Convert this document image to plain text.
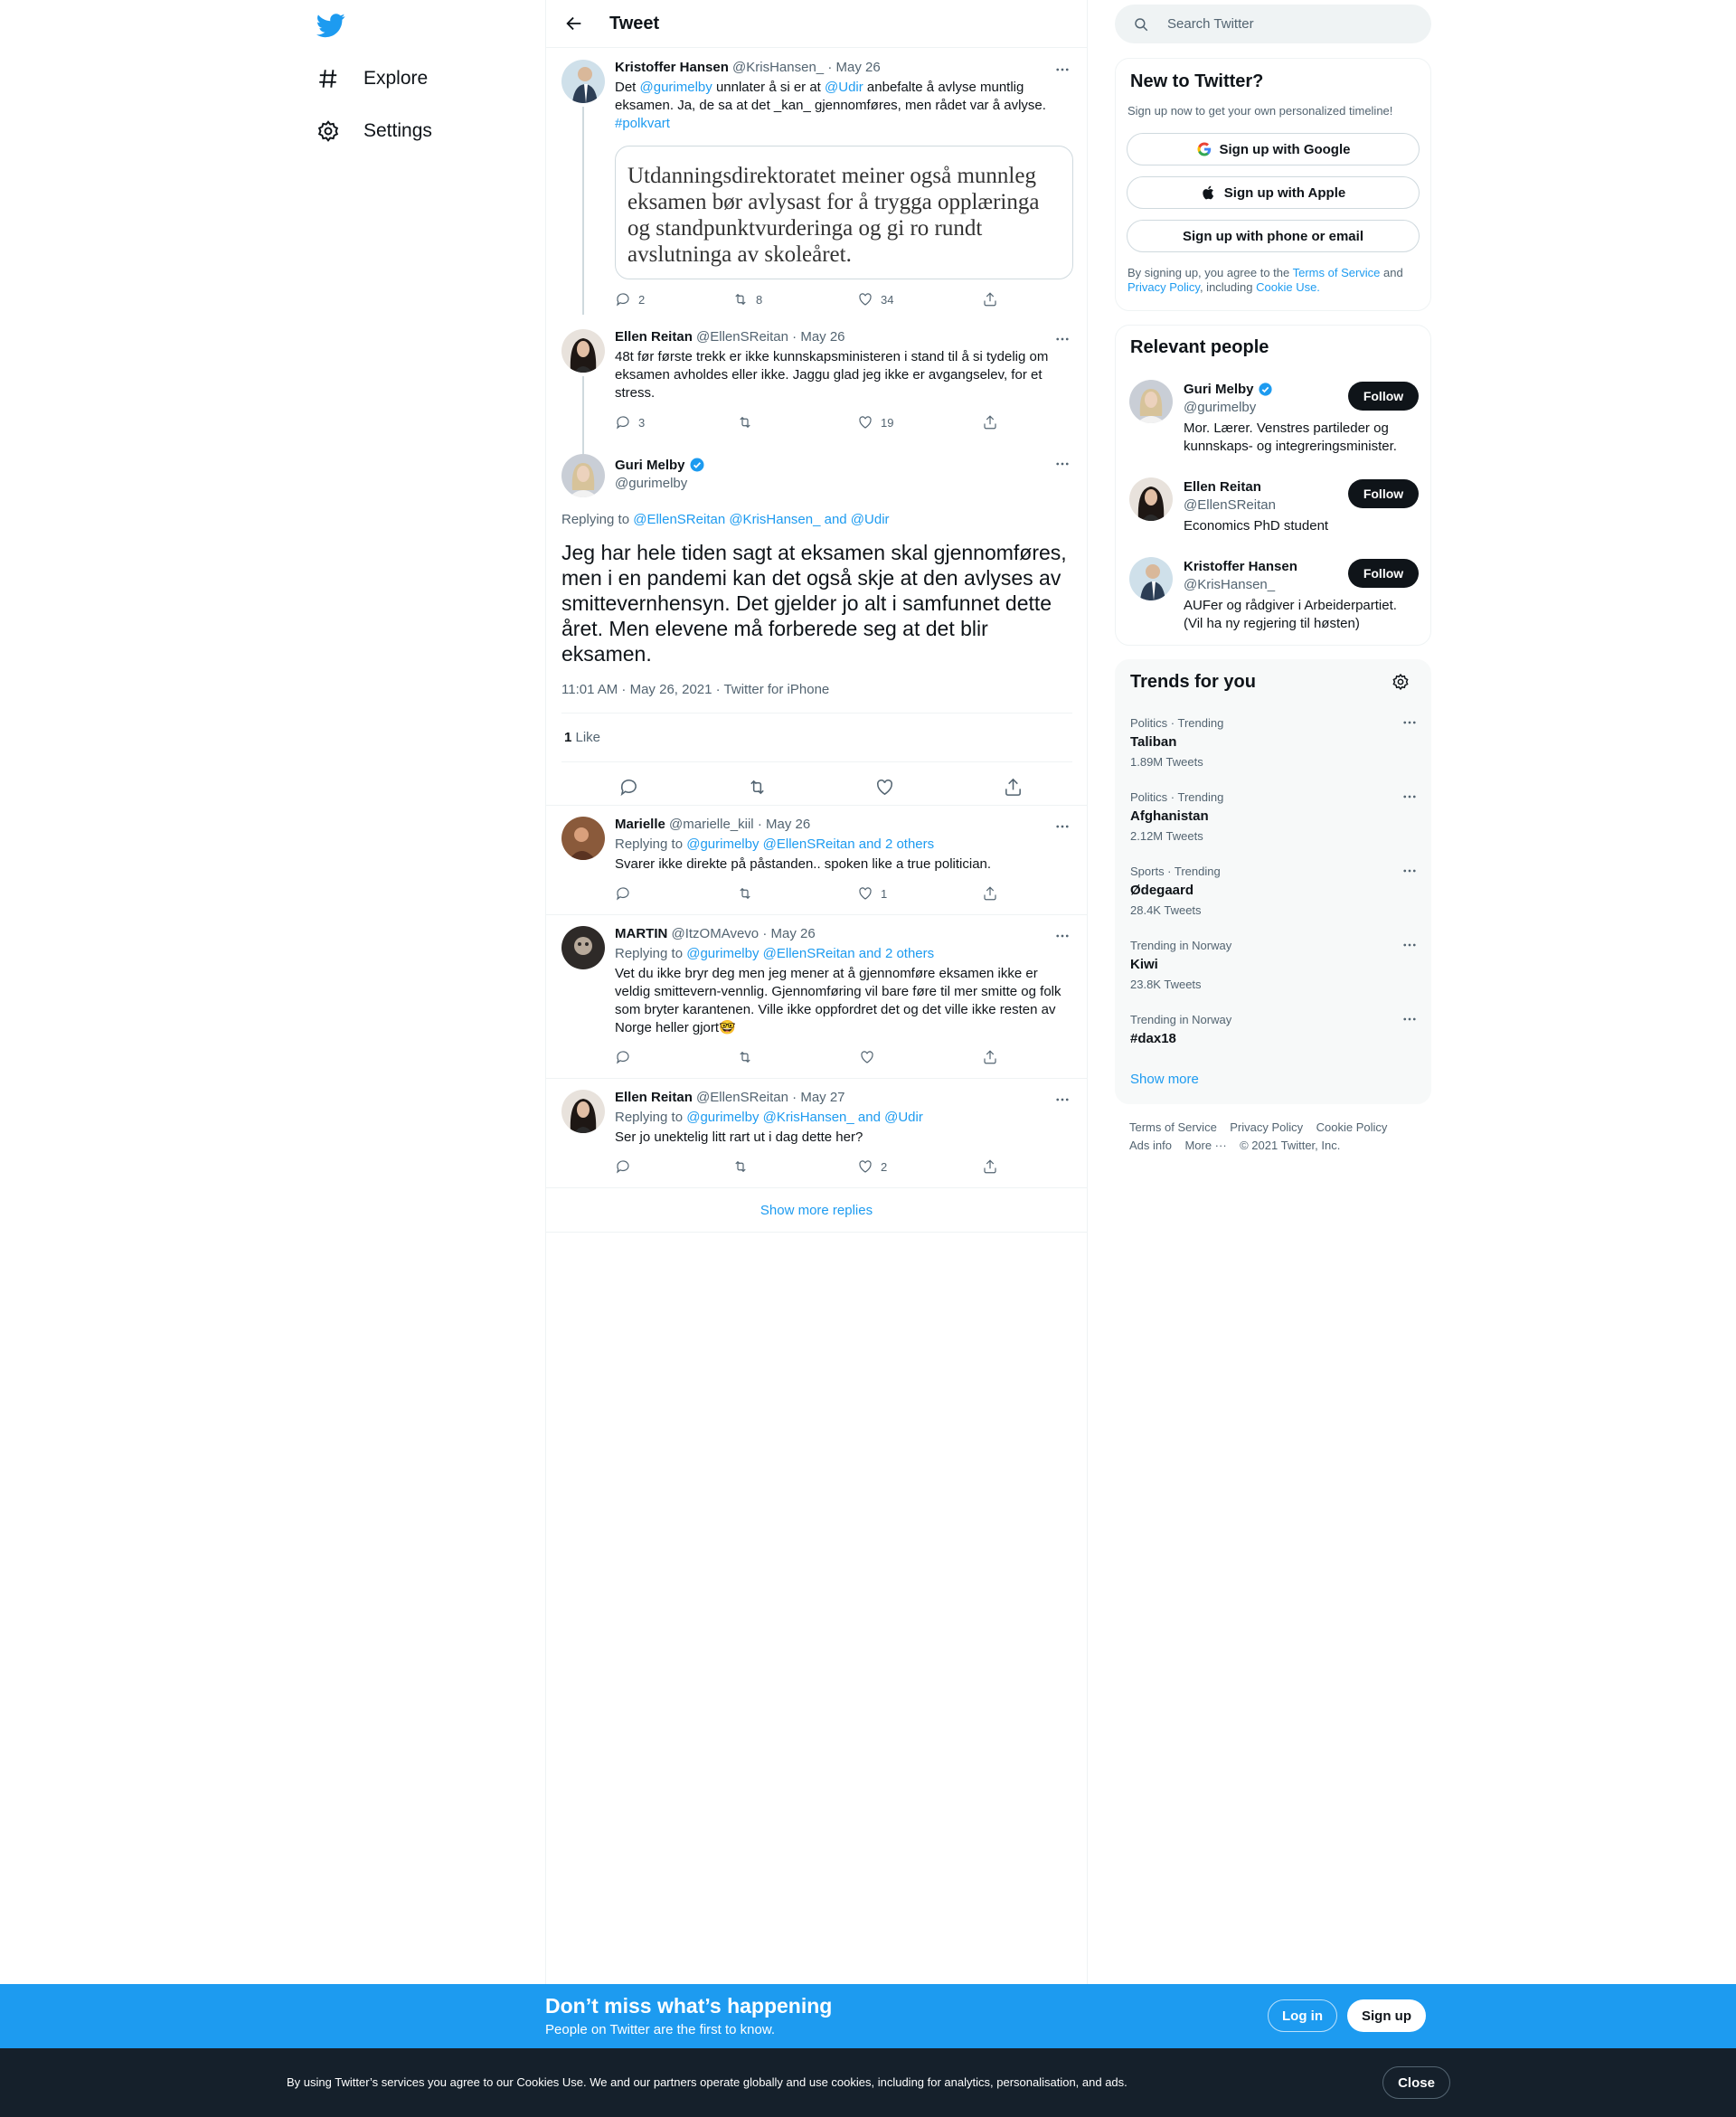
Explore
Settings
Tweet
Kristoffer Hansen @KrisHansen_ · May 26
Det @gurimelby unnlater å si er at @Udir anbefalte å avlyse muntlig eksamen. Ja, de sa at det _kan_ gjennomføres, men rådet var å avlyse. #polkvart
Utdanningsdirektoratet meiner også munnleg eksamen bør avlysast for å trygga opplæringa og standpunktvurderinga og gi ro rundt avslutninga av skoleåret.
2	8	34
Ellen Reitan @EllenSReitan · May 26
48t før første trekk er ikke kunnskapsministeren i stand til å si tydelig om eksamen avholdes eller ikke. Jaggu glad jeg ikke er avgangselev, for et stress.
3	19
Guri Melby
@gurimelby
Replying to @EllenSReitan @KrisHansen_ and @Udir
Jeg har hele tiden sagt at eksamen skal gjennomføres, men i en pandemi kan det også skje at den avlyses av smittevernhensyn. Det gjelder jo alt i samfunnet dette året. Men elevene må forberede seg at det blir eksamen.
11:01 AM · May 26, 2021 · Twitter for iPhone
1 Like
Marielle @marielle_kiil · May 26
Replying to @gurimelby @EllenSReitan and 2 others
Svarer ikke direkte på påstanden.. spoken like a true politician.
1
MARTIN @ItzOMAvevo · May 26
Replying to @gurimelby @EllenSReitan and 2 others
Vet du ikke bryr deg men jeg mener at å gjennomføre eksamen ikke er veldig smittevern-vennlig. Gjennomføring vil bare føre til mer smitte og folk som bryter karantenen. Ville ikke oppfordret det og det ville ikke resten av Norge heller gjort🤓
Ellen Reitan @EllenSReitan · May 27
Replying to @gurimelby @KrisHansen_ and @Udir
Ser jo unektelig litt rart ut i dag dette her?
2
Show more replies
Search Twitter
New to Twitter?
Sign up now to get your own personalized timeline!
Sign up with Google
Sign up with Apple
Sign up with phone or email
By signing up, you agree to the Terms of Service and Privacy Policy, including Cookie Use.
Relevant people
Guri Melby
@gurimelby
Mor. Lærer. Venstres partileder og kunnskaps- og integreringsminister.
Follow
Ellen Reitan
@EllenSReitan
Economics PhD student
Follow
Kristoffer Hansen
@KrisHansen_
AUFer og rådgiver i Arbeiderpartiet. (Vil ha ny regjering til høsten)
Follow
Trends for you
Politics · Trending
Taliban
1.89M Tweets
Politics · Trending
Afghanistan
2.12M Tweets
Sports · Trending
Ødegaard
28.4K Tweets
Trending in Norway
Kiwi
23.8K Tweets
Trending in Norway
#dax18
Show more
Terms of Service Privacy Policy Cookie Policy
Ads info More ··· © 2021 Twitter, Inc.
Don’t miss what’s happening
People on Twitter are the first to know.
Log in	Sign up
By using Twitter’s services you agree to our Cookies Use. We and our partners operate globally and use cookies, including for analytics, personalisation, and ads.	Close
